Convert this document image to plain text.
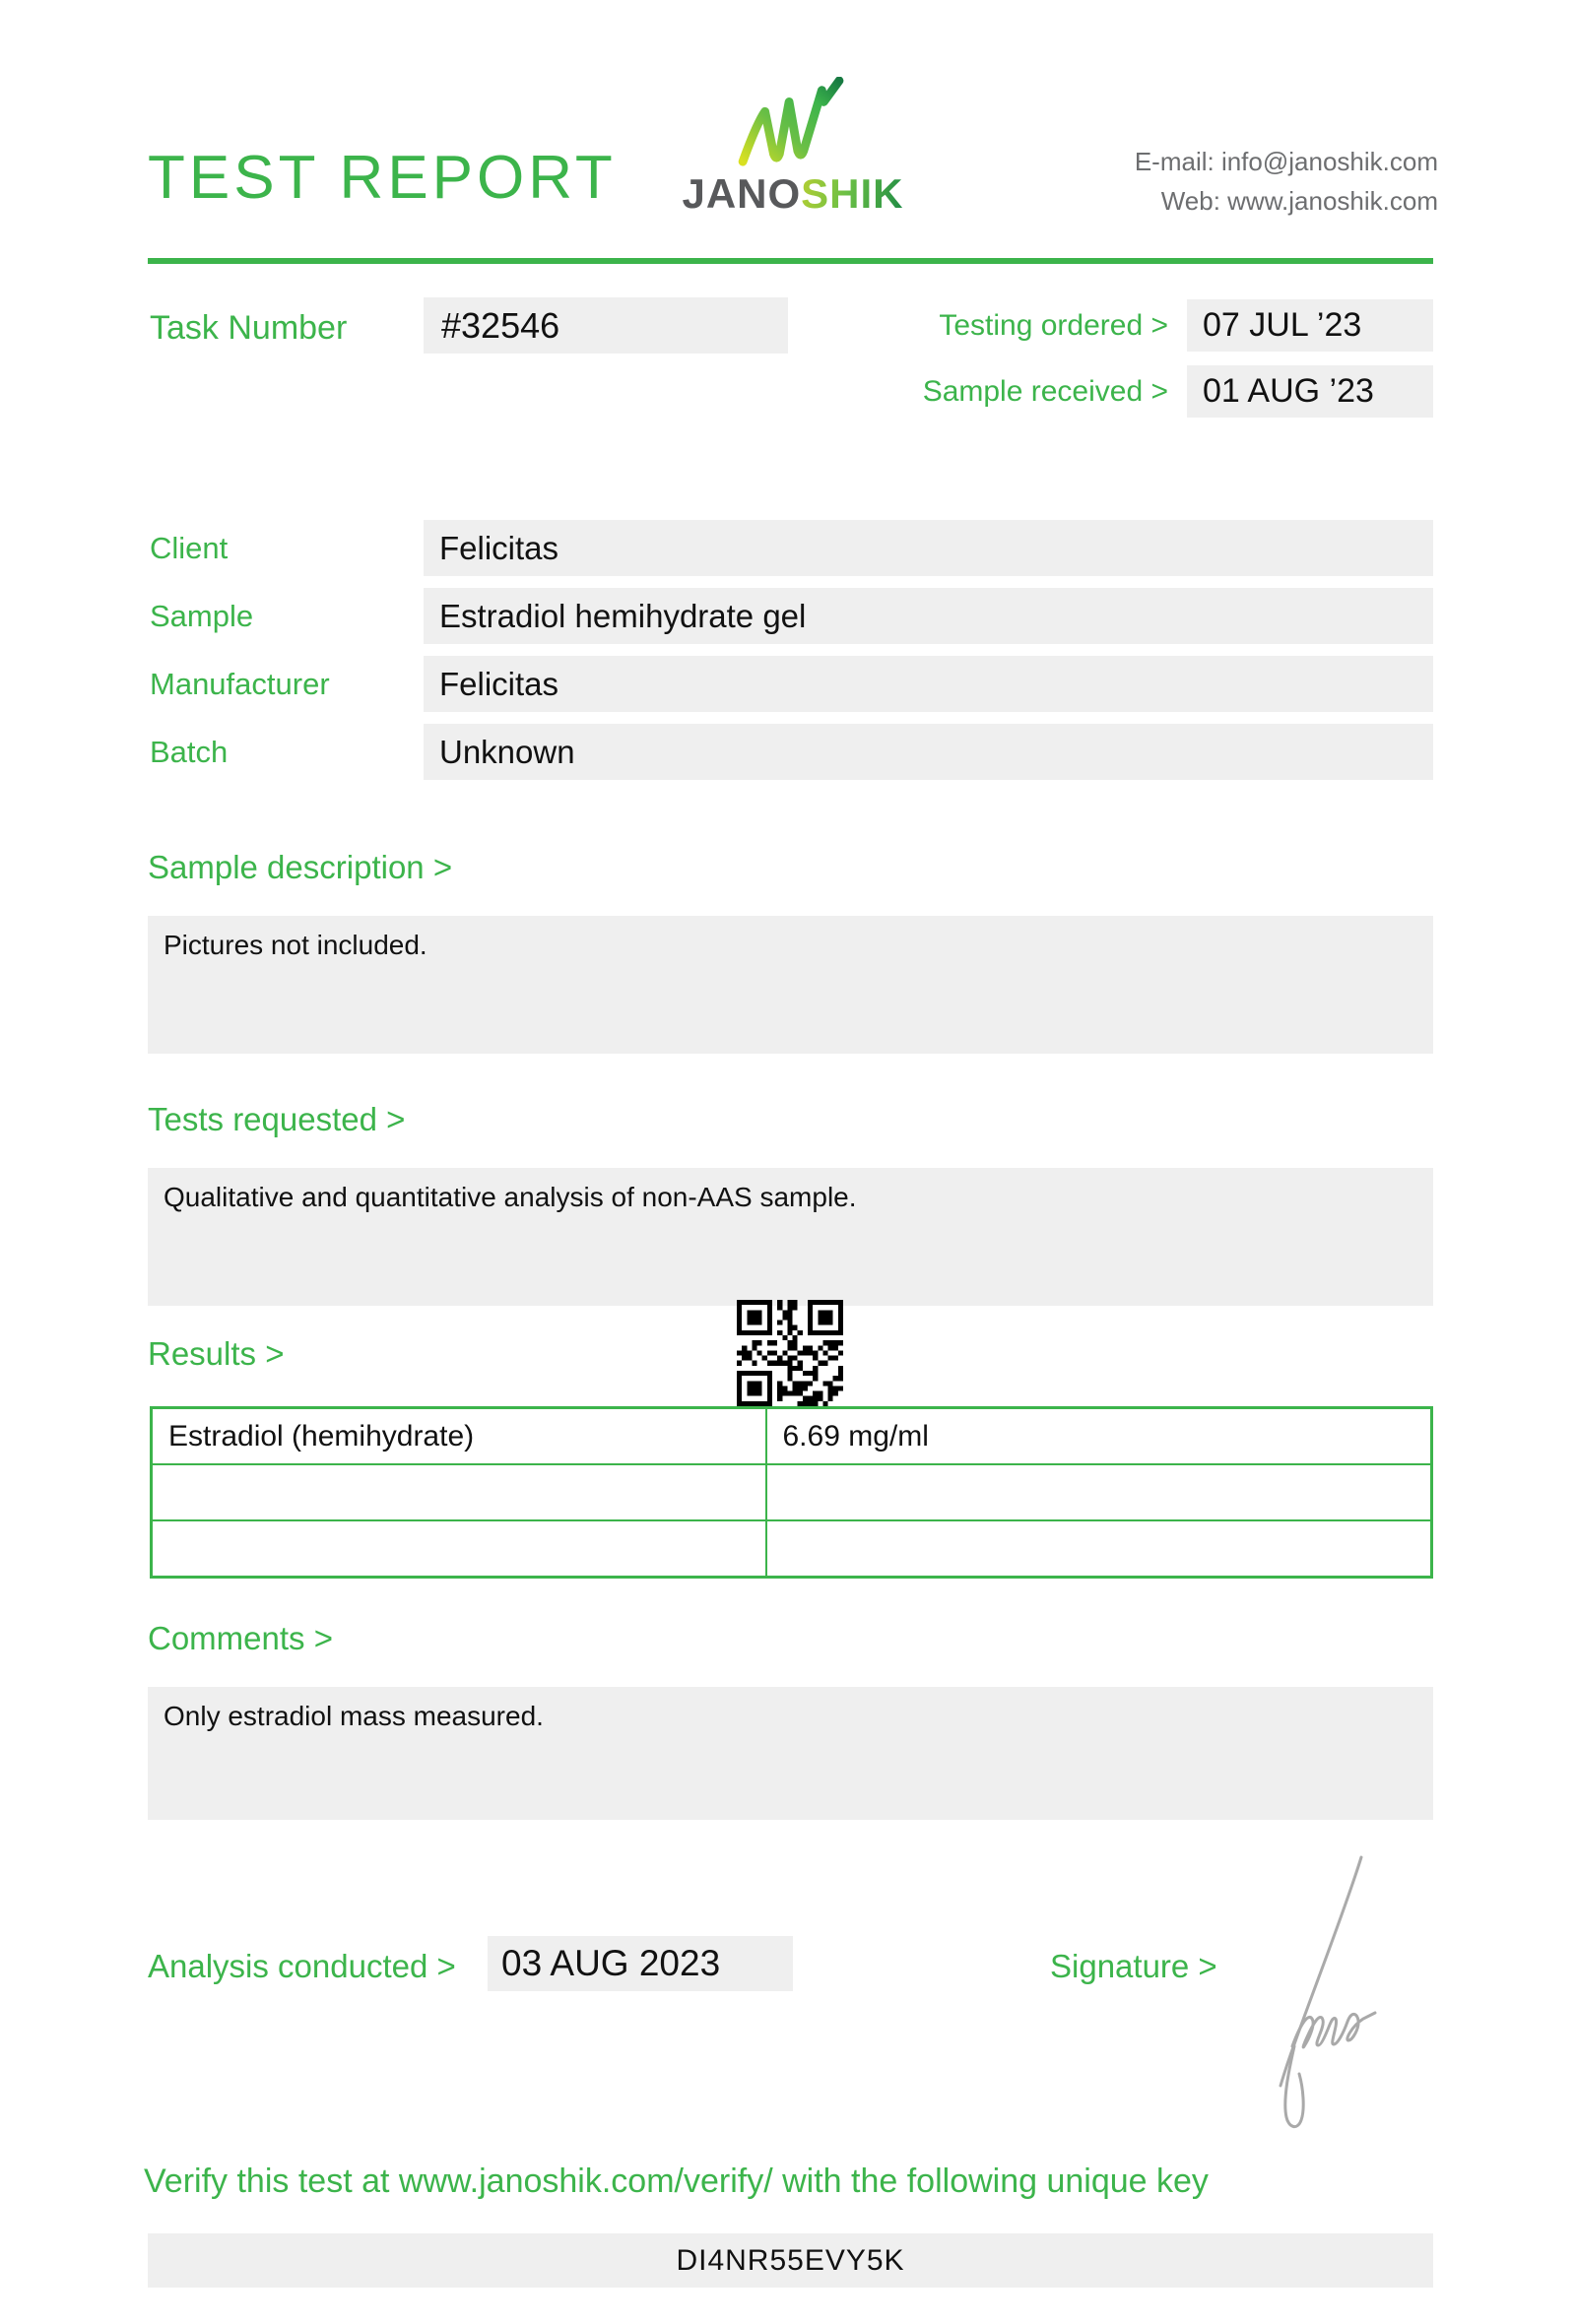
TEST REPORT JANOSHIK
E-mail: info@janoshik.com
Web: www.janoshik.com
Task Number	#32546	Testing ordered >	07 JUL ’23
Sample received >	01 AUG ’23
Client	Felicitas
Sample	Estradiol hemihydrate gel
Manufacturer	Felicitas
Batch	Unknown
Sample description >
Pictures not included.
Tests requested >
Qualitative and quantitative analysis of non-AAS sample.
Results >
Estradiol (hemihydrate)	6.69 mg/ml

Comments >
Only estradiol mass measured.
Analysis conducted >	03 AUG 2023	Signature >
Verify this test at www.janoshik.com/verify/ with the following unique key
DI4NR55EVY5K
